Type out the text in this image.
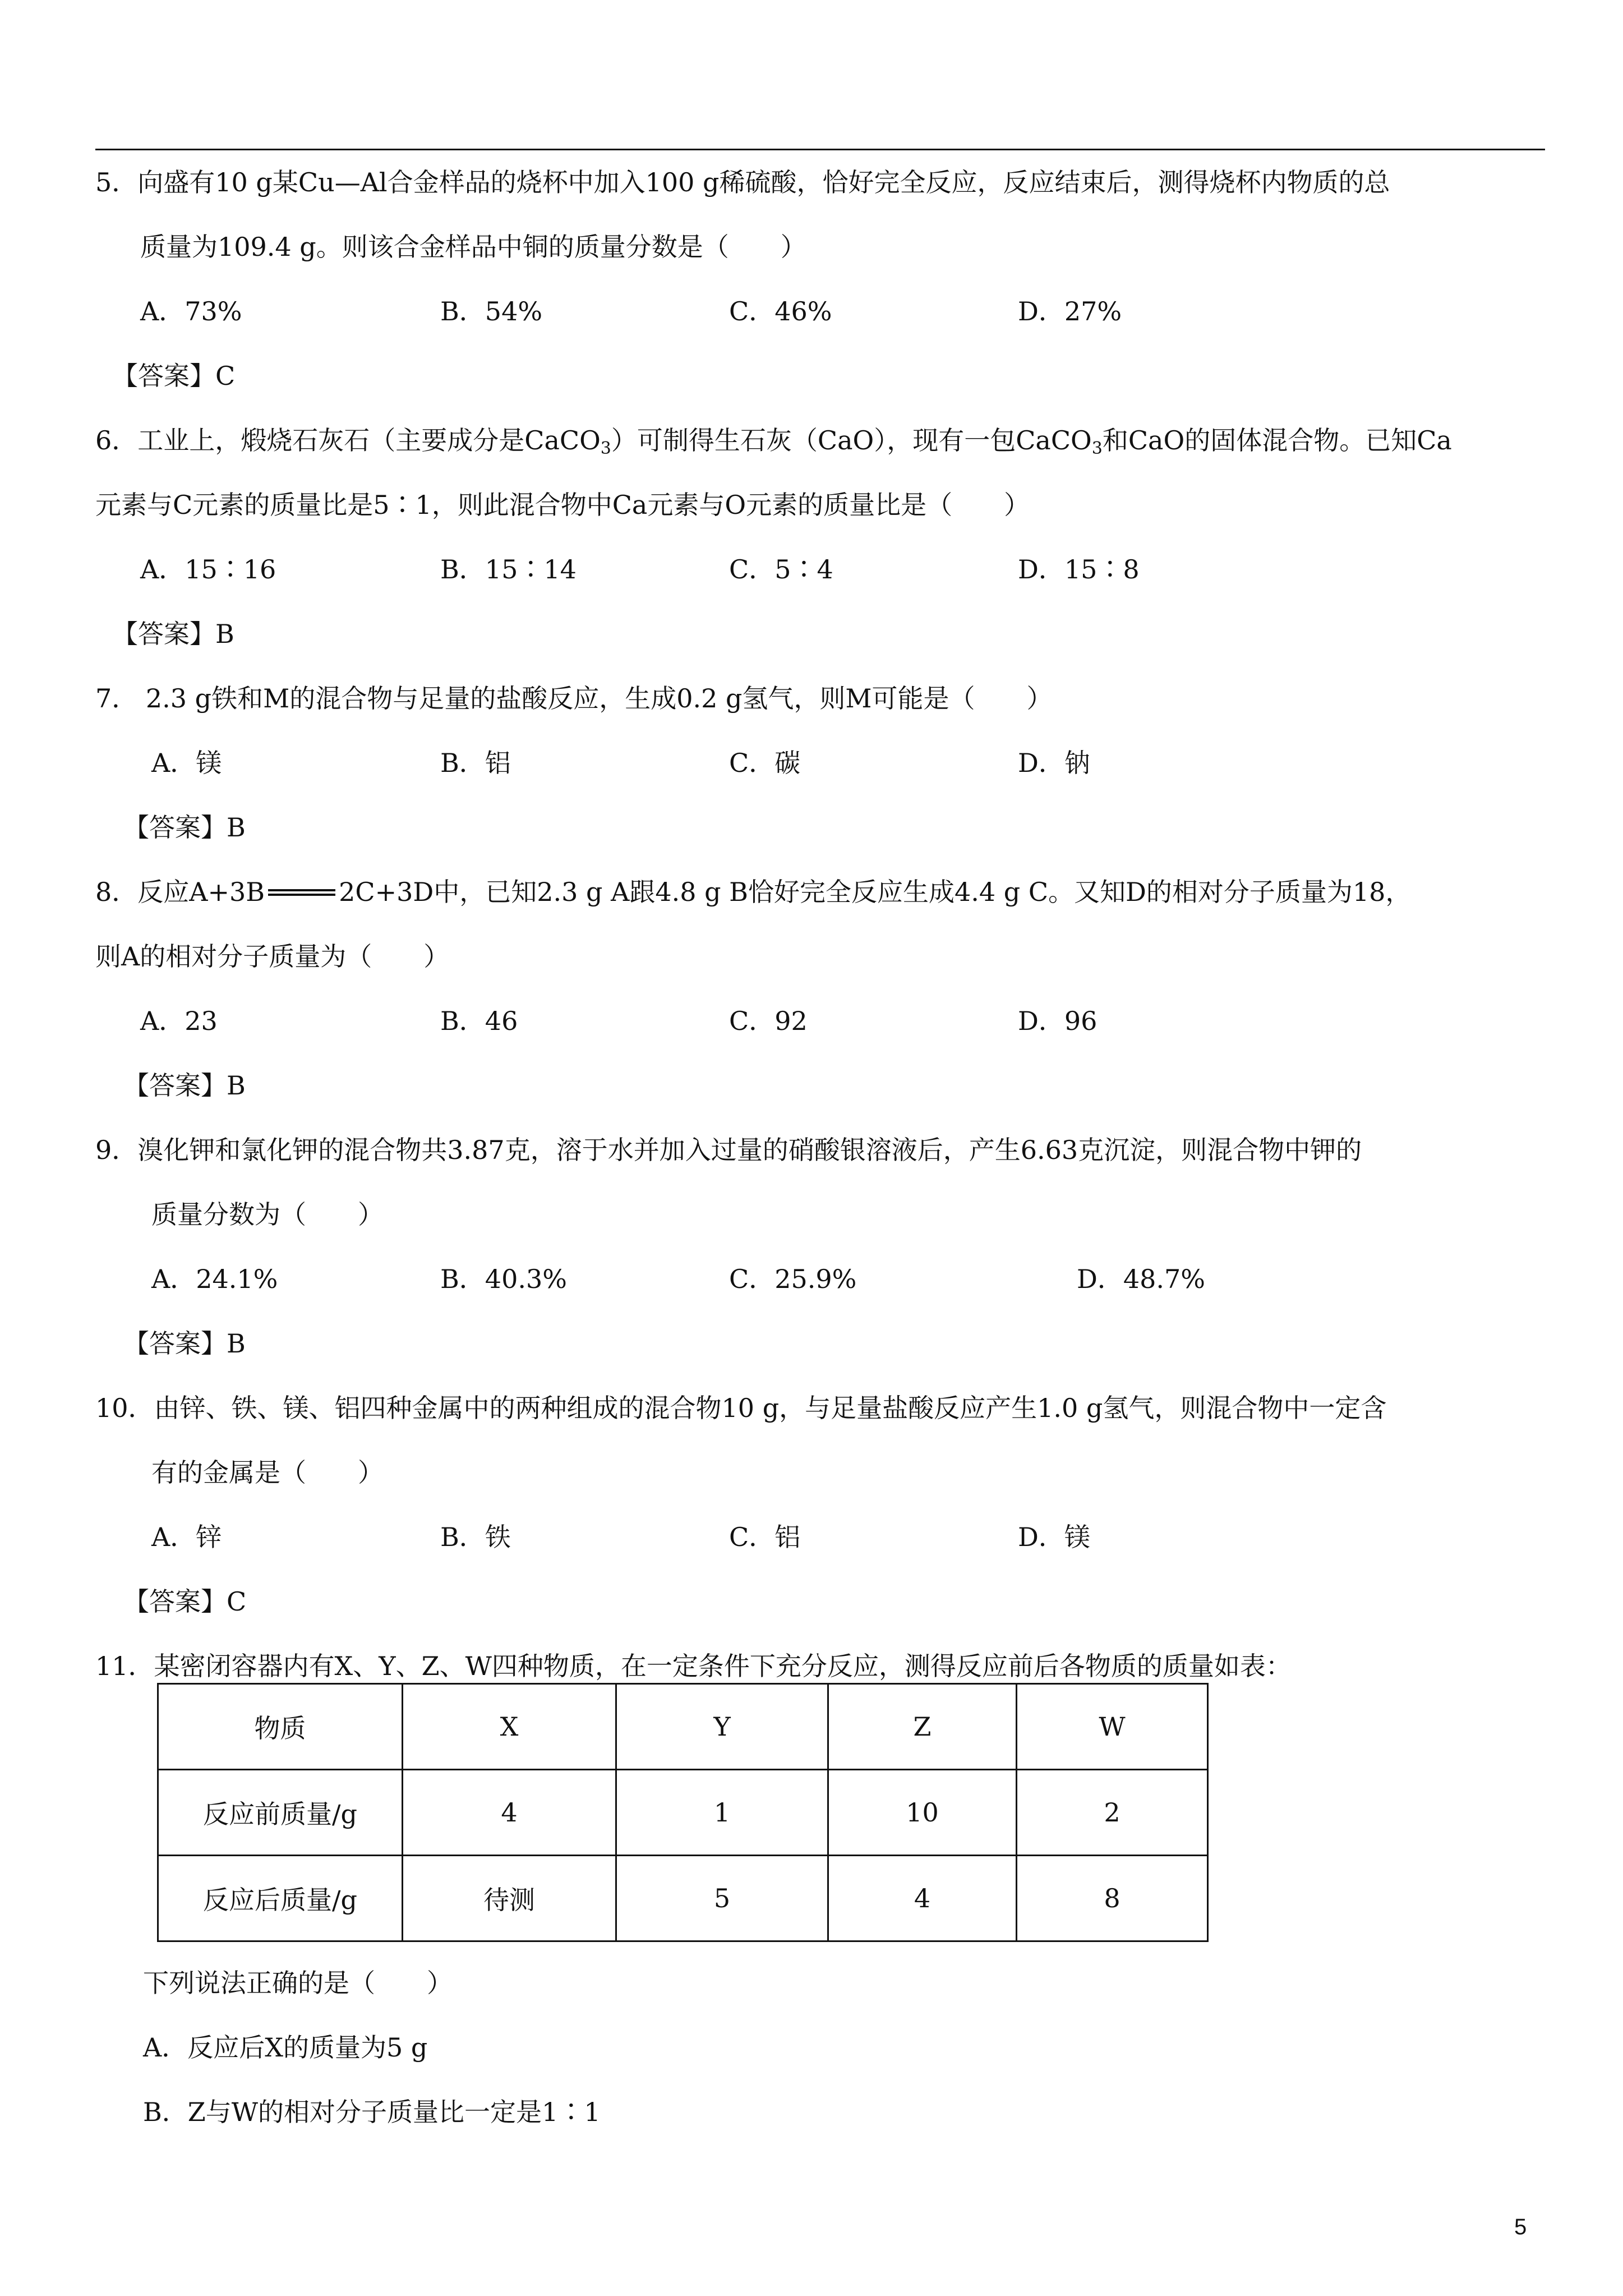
5．向盛有10 g某Cu—Al合金样品的烧杯中加入100 g稀硫酸，恰好完全反应，反应结束后，测得烧杯内物质的总
质量为109.4 g。则该合金样品中铜的质量分数是（　　）
A．73%	B．54%	C．46%	D．27%
【答案】C
6．工业上，煅烧石灰石（主要成分是CaCO$_3$）可制得生石灰（CaO），现有一包CaCO$_3$和CaO的固体混合物。已知Ca
元素与C元素的质量比是5∶1，则此混合物中Ca元素与O元素的质量比是（　　）
A．15∶16	B．15∶14	C．5∶4	D．15∶8
【答案】B
7． 2.3 g铁和M的混合物与足量的盐酸反应，生成0.2 g氢气，则M可能是（　　）
A．镁	B．铝	C．碳	D．钠
【答案】B
8．反应A+3B	2C+3D中，已知2.3 g A跟4.8 g B恰好完全反应生成4.4 g C。又知D的相对分子质量为18，
则A的相对分子质量为（　　）
A．23	B．46	C．92	D．96
【答案】B
9．溴化钾和氯化钾的混合物共3.87克，溶于水并加入过量的硝酸银溶液后，产生6.63克沉淀，则混合物中钾的
质量分数为（　　）
A．24.1%	B．40.3%	C．25.9%	D．48.7%
【答案】B
10．由锌、铁、镁、铝四种金属中的两种组成的混合物10 g，与足量盐酸反应产生1.0 g氢气，则混合物中一定含
有的金属是（　　）
A．锌	B．铁	C．铝	D．镁
【答案】C
11．某密闭容器内有X、Y、Z、W四种物质，在一定条件下充分反应，测得反应前后各物质的质量如表：
物质	X	Y	Z	W
反应前质量/g	4	1	10	2
反应后质量/g	待测	5	4	8
下列说法正确的是（　　）
A．反应后X的质量为5 g
B．Z与W的相对分子质量比一定是1∶1
5
